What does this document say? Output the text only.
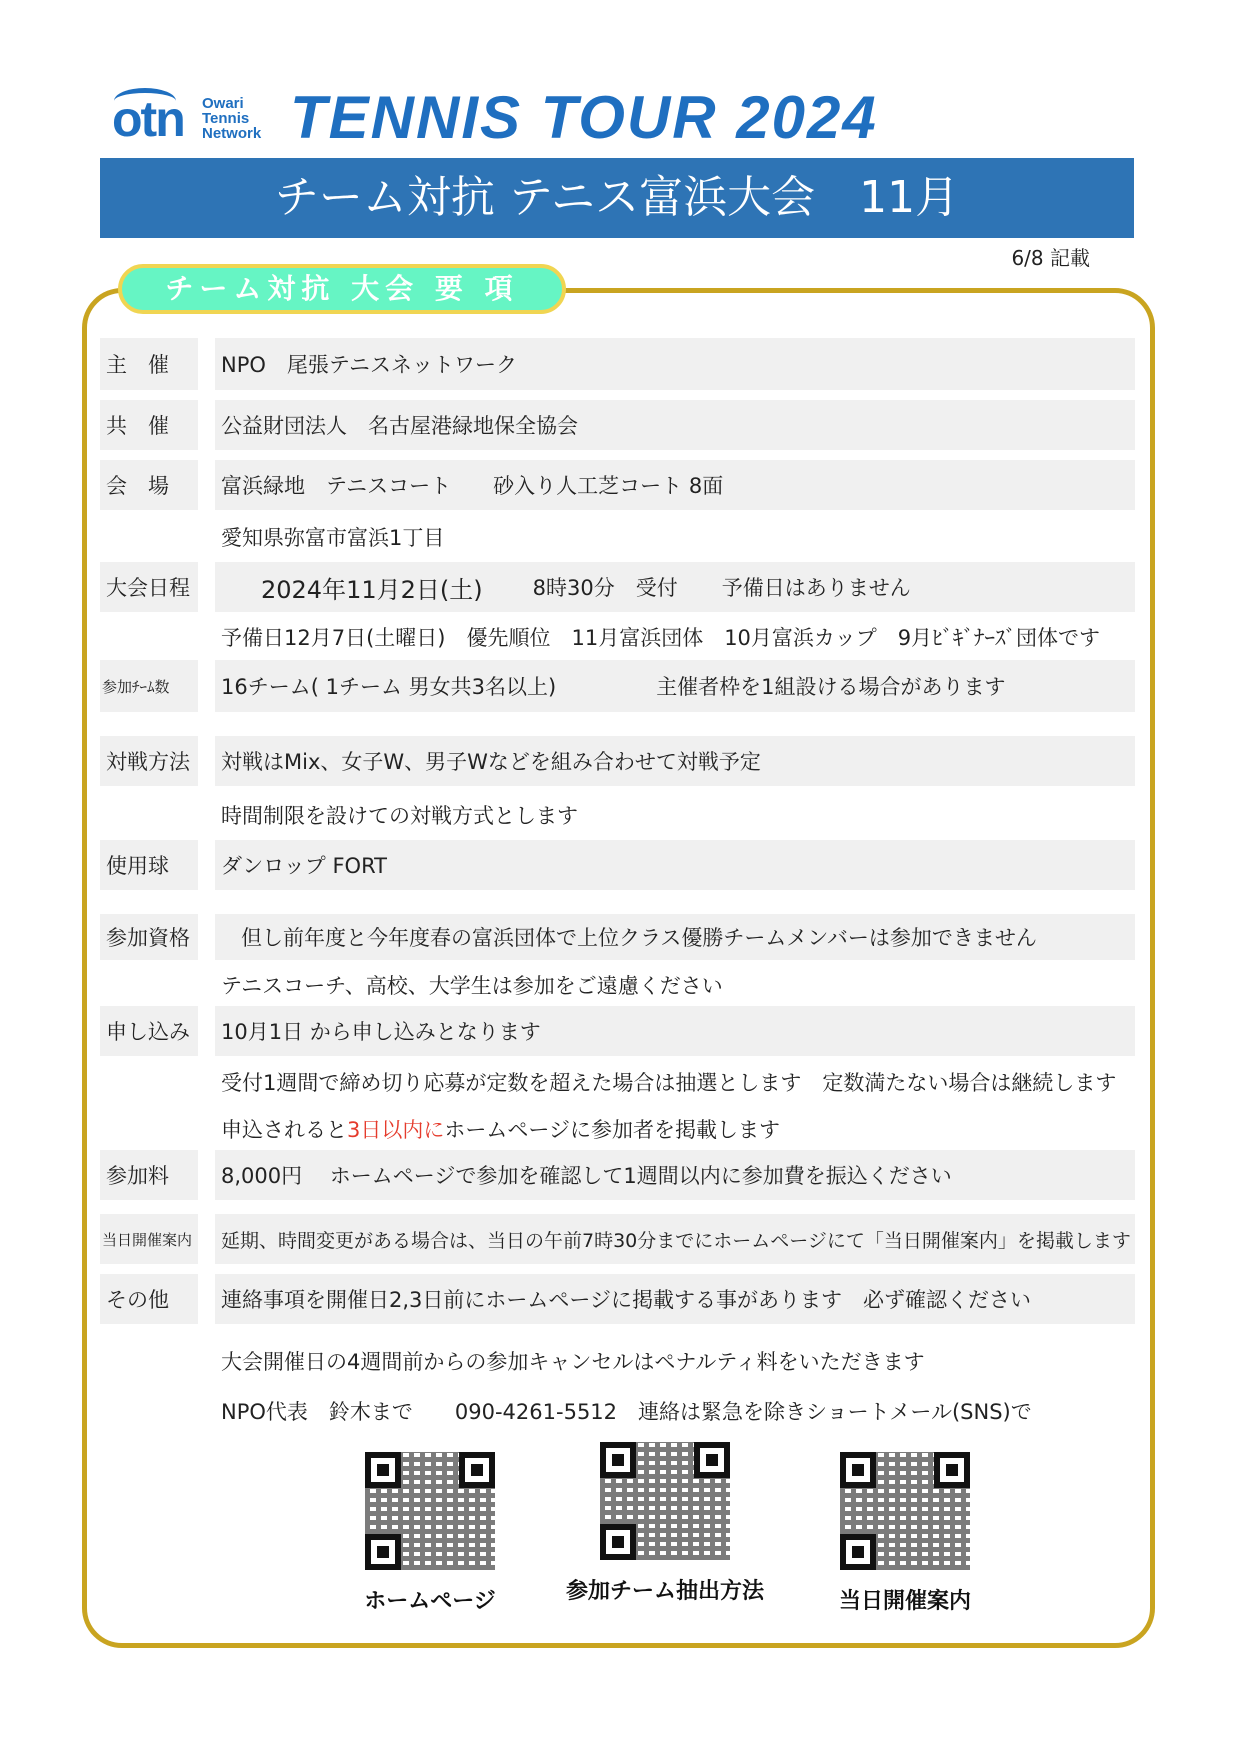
otn Owari
Tennis
Network TENNIS TOUR 2024
チーム対抗 テニス富浜大会　11月
6/8 記載
チーム対抗 大会 要 項
主　催	NPO　尾張テニスネットワーク
共　催	公益財団法人　名古屋港緑地保全協会
会　場	富浜緑地　テニスコート　　砂入り人工芝コート 8面
愛知県弥富市富浜1丁目
大会日程	2024年11月2日(土) 8時30分　受付 予備日はありません
予備日12月7日(土曜日)　優先順位　11月富浜団体　10月富浜カップ　9月ﾋﾞｷﾞﾅｰｽﾞ団体です
参加ﾁｰﾑ数	16チーム( 1チーム 男女共3名以上)	主催者枠を1組設ける場合があります
対戦方法	対戦はMix、女子W、男子Wなどを組み合わせて対戦予定
時間制限を設けての対戦方式とします
使用球	ダンロップ FORT
参加資格	但し前年度と今年度春の富浜団体で上位クラス優勝チームメンバーは参加できません
テニスコーチ、高校、大学生は参加をご遠慮ください
申し込み	10月1日 から申し込みとなります
受付1週間で締め切り応募が定数を超えた場合は抽選とします　定数満たない場合は継続します
申込されると3日以内にホームページに参加者を掲載します
参加料	8,000円　 ホームページで参加を確認して1週間以内に参加費を振込ください
当日開催案内	延期、時間変更がある場合は、当日の午前7時30分までにホームページにて「当日開催案内」を掲載します
その他	連絡事項を開催日2,3日前にホームページに掲載する事があります　必ず確認ください
大会開催日の4週間前からの参加キャンセルはペナルティ料をいただきます
NPO代表　鈴木まで　　090-4261-5512　連絡は緊急を除きショートメール(SNS)で
ホームページ	参加チーム抽出方法	当日開催案内
